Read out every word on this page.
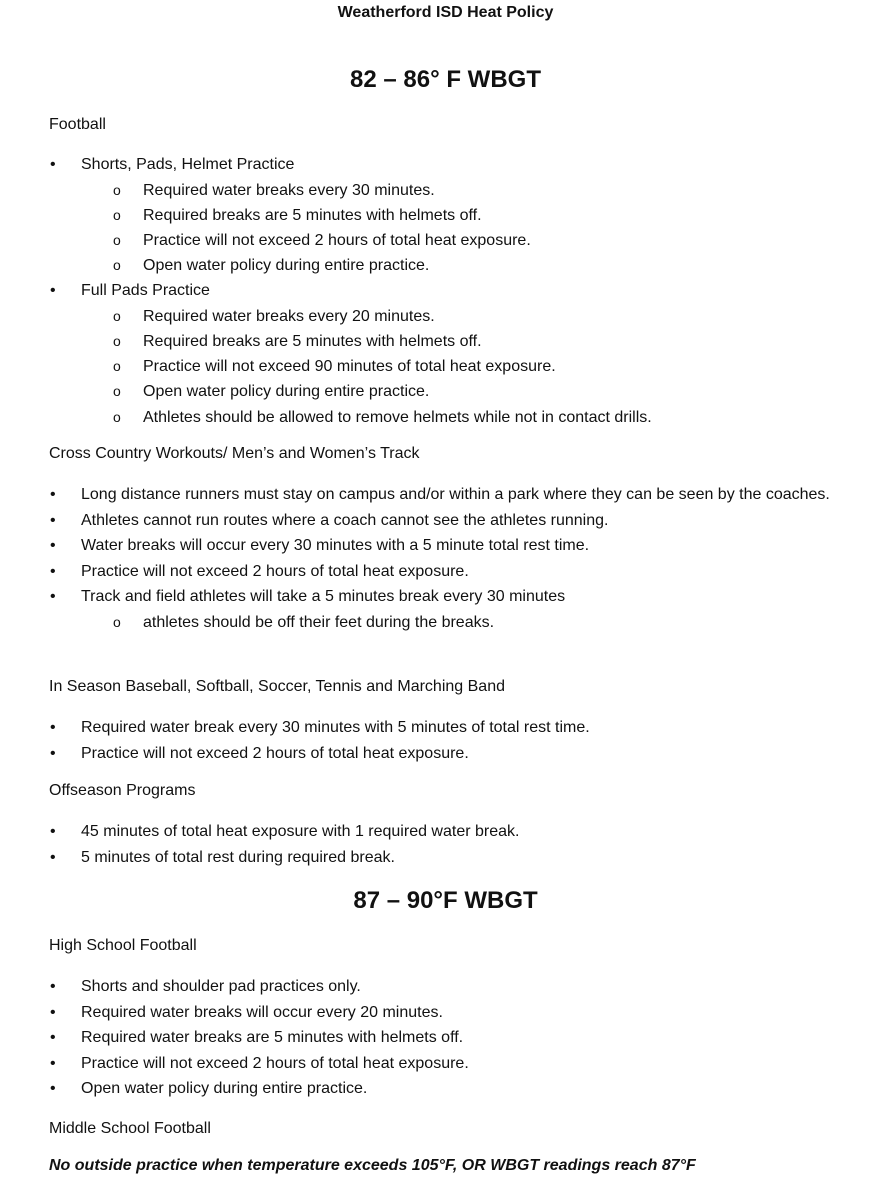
Weatherford ISD Heat Policy
82 – 86° F WBGT
Football
• Shorts, Pads, Helmet Practice
o Required water breaks every 30 minutes.
o Required breaks are 5 minutes with helmets off.
o Practice will not exceed 2 hours of total heat exposure.
o Open water policy during entire practice.
• Full Pads Practice
o Required water breaks every 20 minutes.
o Required breaks are 5 minutes with helmets off.
o Practice will not exceed 90 minutes of total heat exposure.
o Open water policy during entire practice.
o Athletes should be allowed to remove helmets while not in contact drills.
Cross Country Workouts/ Men’s and Women’s Track
• Long distance runners must stay on campus and/or within a park where they can be seen by the coaches.
• Athletes cannot run routes where a coach cannot see the athletes running.
• Water breaks will occur every 30 minutes with a 5 minute total rest time.
• Practice will not exceed 2 hours of total heat exposure.
• Track and field athletes will take a 5 minutes break every 30 minutes
o athletes should be off their feet during the breaks.
In Season Baseball, Softball, Soccer, Tennis and Marching Band
• Required water break every 30 minutes with 5 minutes of total rest time.
• Practice will not exceed 2 hours of total heat exposure.
Offseason Programs
• 45 minutes of total heat exposure with 1 required water break.
• 5 minutes of total rest during required break.
87 – 90°F WBGT
High School Football
• Shorts and shoulder pad practices only.
• Required water breaks will occur every 20 minutes.
• Required water breaks are 5 minutes with helmets off.
• Practice will not exceed 2 hours of total heat exposure.
• Open water policy during entire practice.
Middle School Football
No outside practice when temperature exceeds 105°F, OR WBGT readings reach 87°F
